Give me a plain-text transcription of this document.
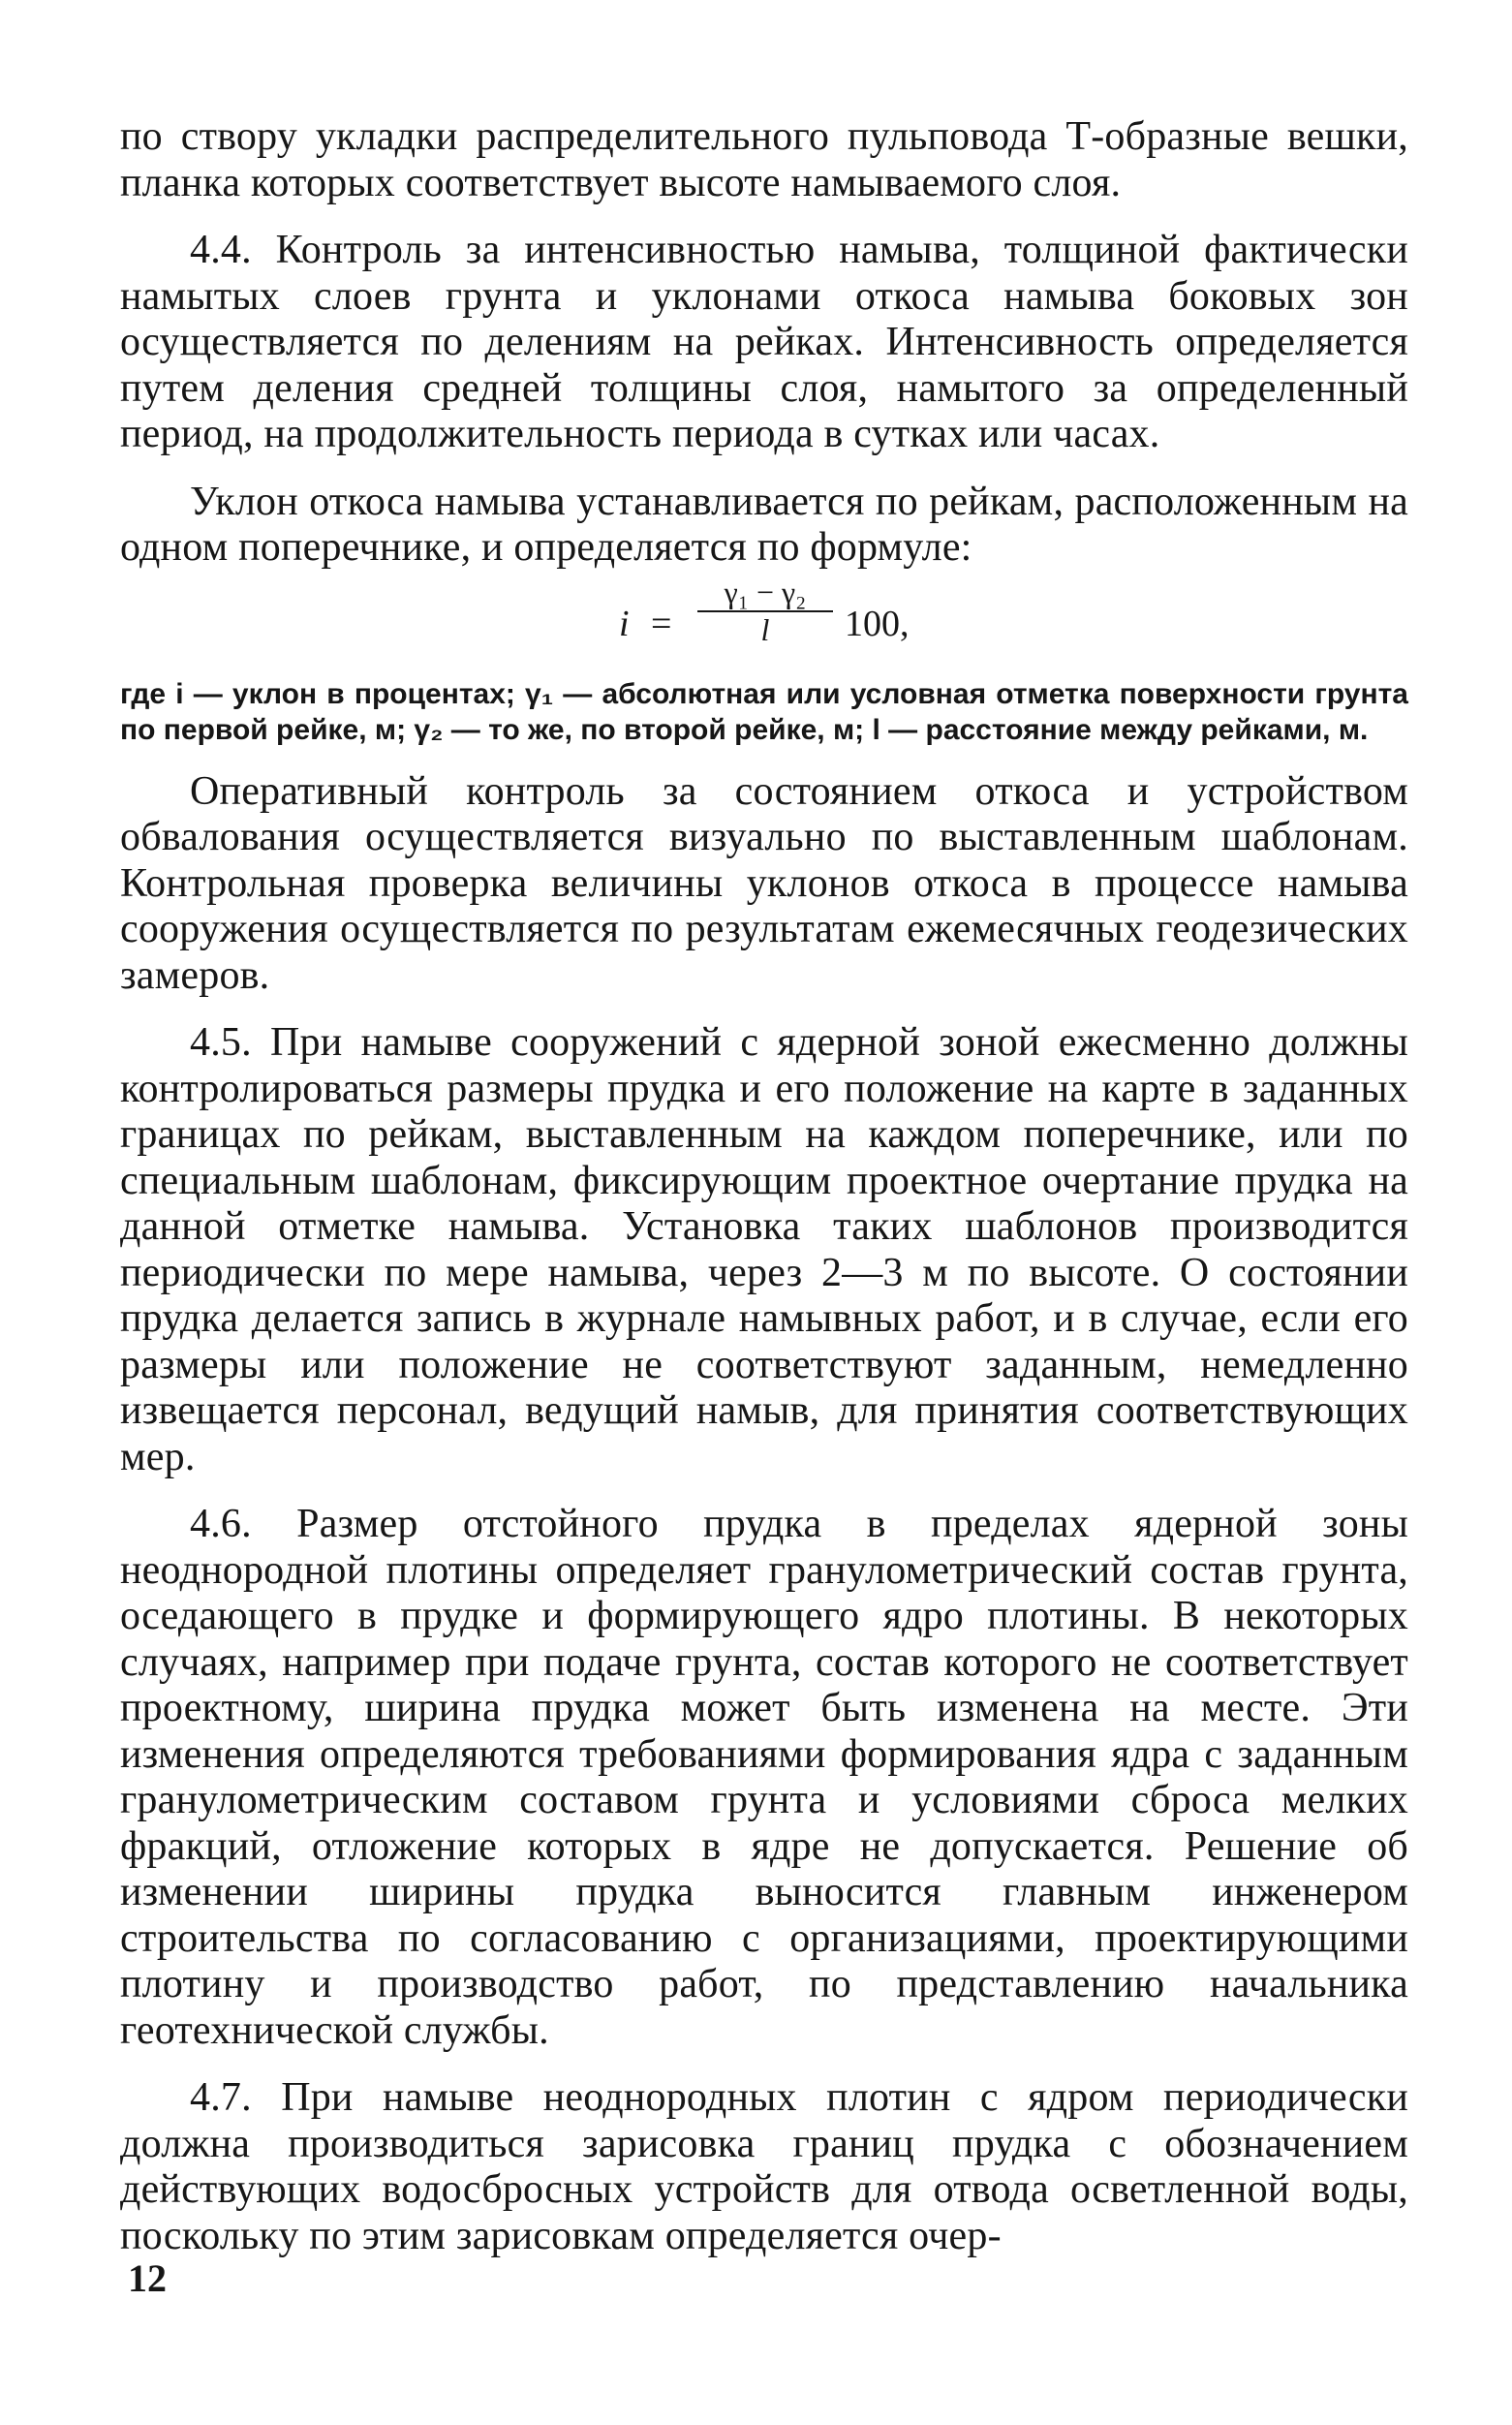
по створу укладки распределительного пульповода Т-образные вешки, планка которых соответствует высоте намываемого слоя.

4.4. Контроль за интенсивностью намыва, толщиной фактически намытых слоев грунта и уклонами откоса намыва боковых зон осуществляется по делениям на рейках. Интенсивность определяется путем деления средней толщины слоя, намытого за определенный период, на продолжительность периода в сутках или часах.

Уклон откоса намыва устанавливается по рейкам, расположенным на одном поперечнике, и определяется по формуле:

i =
γ₁ − γ₂
l	100,

где i — уклон в процентах; γ₁ — абсолютная или условная отметка поверхности грунта по первой рейке, м; γ₂ — то же, по второй рейке, м; l — расстояние между рейками, м.

Оперативный контроль за состоянием откоса и устройством обвалования осуществляется визуально по выставленным шаблонам. Контрольная проверка величины уклонов откоса в процессе намыва сооружения осуществляется по результатам ежемесячных геодезических замеров.

4.5. При намыве сооружений с ядерной зоной ежесменно должны контролироваться размеры прудка и его положение на карте в заданных границах по рейкам, выставленным на каждом поперечнике, или по специальным шаблонам, фиксирующим проектное очертание прудка на данной отметке намыва. Установка таких шаблонов производится периодически по мере намыва, через 2—3 м по высоте. О состоянии прудка делается запись в журнале намывных работ, и в случае, если его размеры или положение не соответствуют заданным, немедленно извещается персонал, ведущий намыв, для принятия соответствующих мер.

4.6. Размер отстойного прудка в пределах ядерной зоны неоднородной плотины определяет гранулометрический состав грунта, оседающего в прудке и формирующего ядро плотины. В некоторых случаях, например при подаче грунта, состав которого не соответствует проектному, ширина прудка может быть изменена на месте. Эти изменения определяются требованиями формирования ядра с заданным гранулометрическим составом грунта и условиями сброса мелких фракций, отложение которых в ядре не допускается. Решение об изменении ширины прудка выносится главным инженером строительства по согласованию с организациями, проектирующими плотину и производство работ, по представлению начальника геотехнической службы.

4.7. При намыве неоднородных плотин с ядром периодически должна производиться зарисовка границ прудка с обозначением действующих водосбросных устройств для отвода осветленной воды, поскольку по этим зарисовкам определяется очер-

12
